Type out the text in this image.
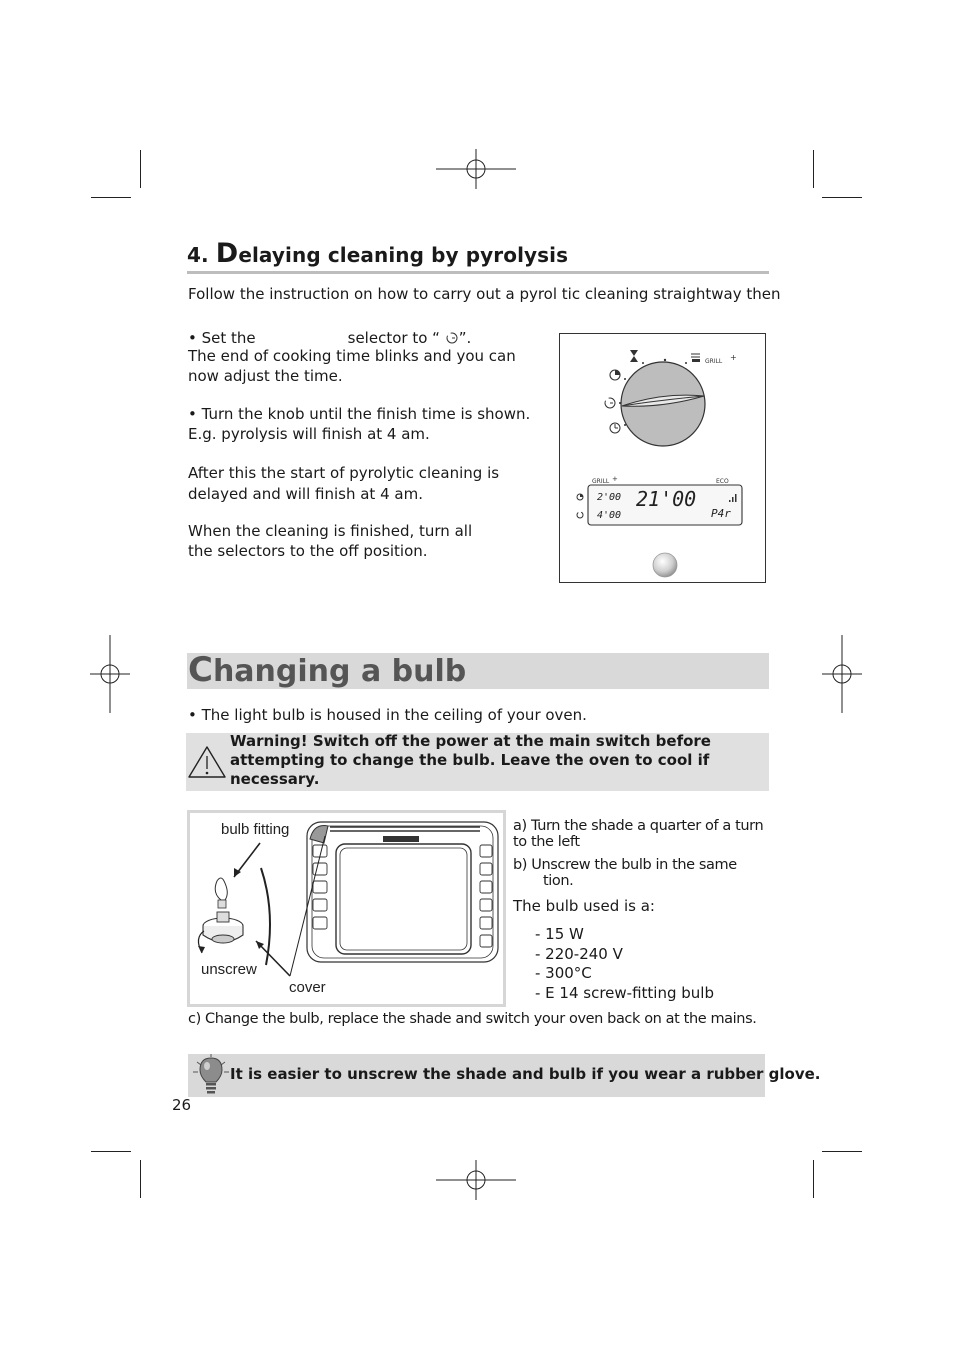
4. Delaying cleaning by pyrolysis
Follow the instruction on how to carry out a pyrol tic cleaning straightway then
• Set the	selector to “ ”.
The end of cooking time blinks and you can now adjust the time.
• Turn the knob until the finish time is shown.
E.g. pyrolysis will finish at 4 am.
After this the start of pyrolytic cleaning is delayed and will finish at 4 am.
When the cleaning is finished, turn all the selectors to the off position.
GRILL +
GRILL +	ECO
2'00
4'00
21'00
P4r
Changing a bulb
• The light bulb is housed in the ceiling of your oven.
Warning! Switch off the power at the main switch before attempting to change the bulb. Leave the oven to cool if necessary.
bulb fitting
unscrew
cover
a) Turn the shade a quarter of a turn to the left
b) Unscrew the bulb in the same
tion.
The bulb used is a:
- 15 W
- 220-240 V
- 300°C
- E 14 screw-fitting bulb
c) Change the bulb, replace the shade and switch your oven back on at the mains.
It is easier to unscrew the shade and bulb if you wear a rubber glove.
26
